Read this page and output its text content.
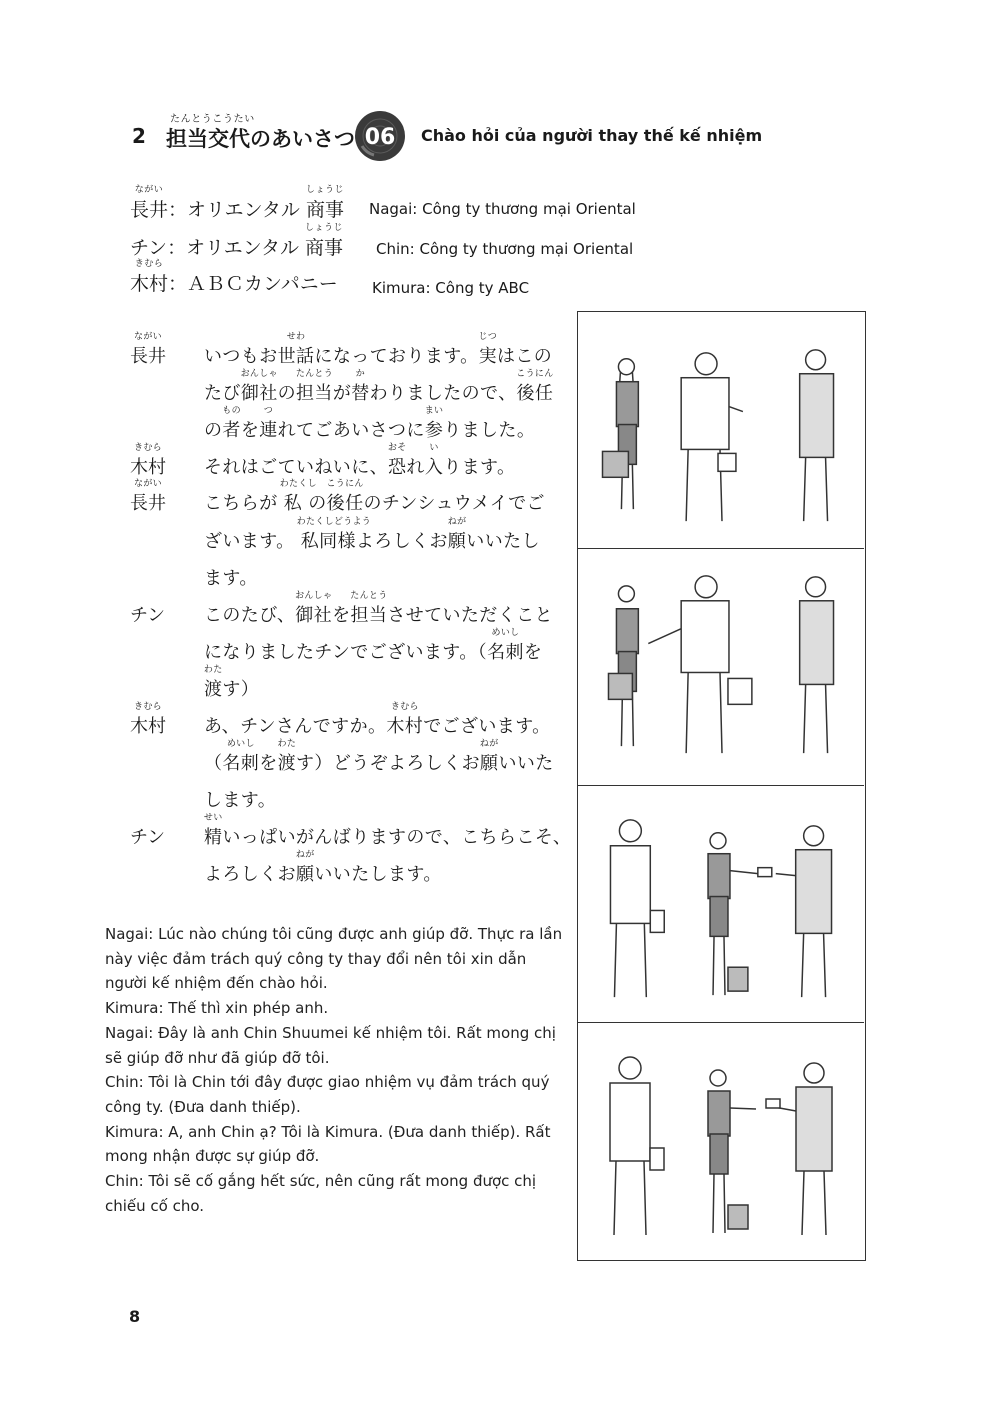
2
たんとうこうたい
担当交代のあいさつ 06 Chào hỏi của người thay thế kế nhiệm
ながい
長井：オリエンタル
しょうじ
商事 Nagai: Công ty thương mại Oriental
チン：オリエンタル
しょうじ
商事 Chin: Công ty thương mại Oriental
きむら
木村：ＡＢＣカンパニー Kimura: Công ty ABC
ながい
長井 いつもお
せわ
世話になっております。
じつ
実はこの
たび
おんしゃ
御社の
たんとう
担当が
か
替わりましたので、
こうにん
後任
の
もの
者を
つ
連れてごあいさつに
まい
参りました。
きむら
木村 それはごていねいに、
おそ
恐れ
い
入ります。
ながい
長井 こちらが
わたくし
私 の
こうにん
後任のチンシュウメイでご
ざいます。
わたくしどうよう
私同様よろしくお
ねが
願いいたし
ます。
チン このたび、
おんしゃ
御社を
たんとう
担当させていただくこと
になりましたチンでございます。（
めいし
名刺を
わた
渡す）
きむら
木村 あ、チンさんですか。
きむら
木村でございます。
（
めいし
名刺を
わた
渡す）どうぞよろしくお
ねが
願いいた
します。
チン
せい
精いっぱいがんばりますので、こちらこそ、
よろしくお
ねが
願いいたします。

Nagai: Lúc nào chúng tôi cũng được anh giúp đỡ. Thực ra lần này việc đảm trách quý công ty thay đổi nên tôi xin dẫn người kế nhiệm đến chào hỏi.

Kimura: Thế thì xin phép anh.

Nagai: Đây là anh Chin Shuumei kế nhiệm tôi. Rất mong chị sẽ giúp đỡ như đã giúp đỡ tôi.

Chin: Tôi là Chin tới đây được giao nhiệm vụ đảm trách quý công ty. (Đưa danh thiếp).

Kimura: A, anh Chin ạ? Tôi là Kimura. (Đưa danh thiếp). Rất mong nhận được sự giúp đỡ.

Chin: Tôi sẽ cố gắng hết sức, nên cũng rất mong được chị chiếu cố cho.

8
